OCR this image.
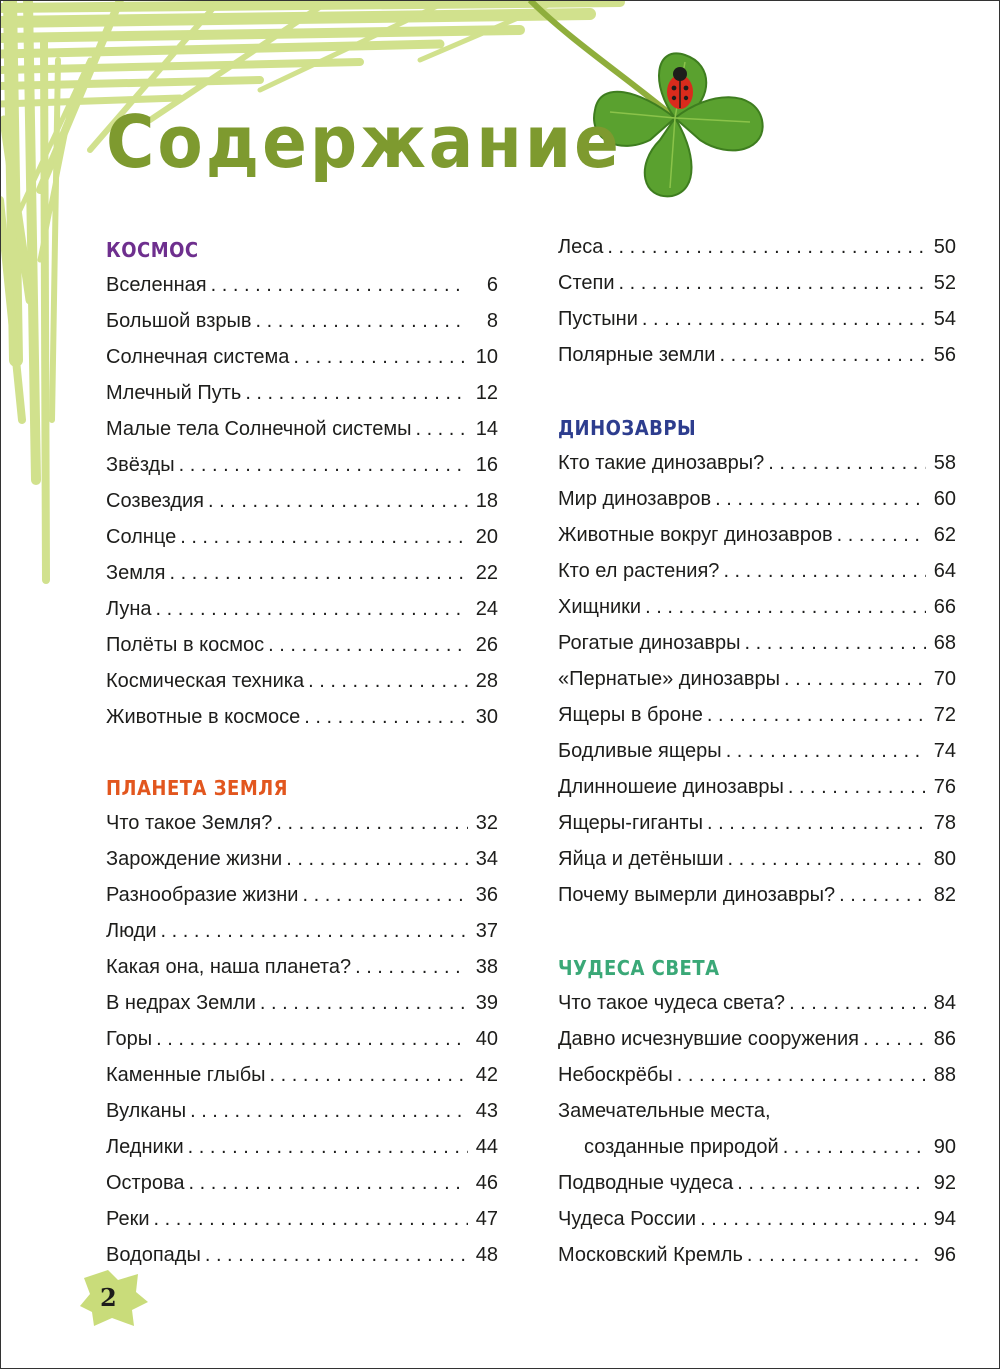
Содержание
КОСМОС
Вселенная . . .	6
Большой взрыв . . .	8
Солнечная система . . .	10
Млечный Путь . . .	12
Малые тела Солнечной системы . . .	14
Звёзды . . .	16
Созвездия . . .	18
Солнце . . .	20
Земля . . .	22
Луна . . .	24
Полёты в космос . . .	26
Космическая техника . . .	28
Животные в космосе . . .	30
ПЛАНЕТА ЗЕМЛЯ
Что такое Земля? . . .	32
Зарождение жизни . . .	34
Разнообразие жизни . . .	36
Люди . . .	37
Какая она, наша планета? . . .	38
В недрах Земли . . .	39
Горы . . .	40
Каменные глыбы . . .	42
Вулканы . . .	43
Ледники . . .	44
Острова . . .	46
Реки . . .	47
Водопады . . .	48
Леса . . .	50
Степи . . .	52
Пустыни . . .	54
Полярные земли . . .	56
ДИНОЗАВРЫ
Кто такие динозавры? . . .	58
Мир динозавров . . .	60
Животные вокруг динозавров . . .	62
Кто ел растения? . . .	64
Хищники . . .	66
Рогатые динозавры . . .	68
«Пернатые» динозавры . . .	70
Ящеры в броне . . .	72
Бодливые ящеры . . .	74
Длинношеие динозавры . . .	76
Ящеры-гиганты . . .	78
Яйца и детёныши . . .	80
Почему вымерли динозавры? . . .	82
ЧУДЕСА СВЕТА
Что такое чудеса света? . . .	84
Давно исчезнувшие сооружения . . .	86
Небоскрёбы . . .	88
Замечательные места,
созданные природой . . .	90
Подводные чудеса . . .	92
Чудеса России . . .	94
Московский Кремль . . .	96
2
